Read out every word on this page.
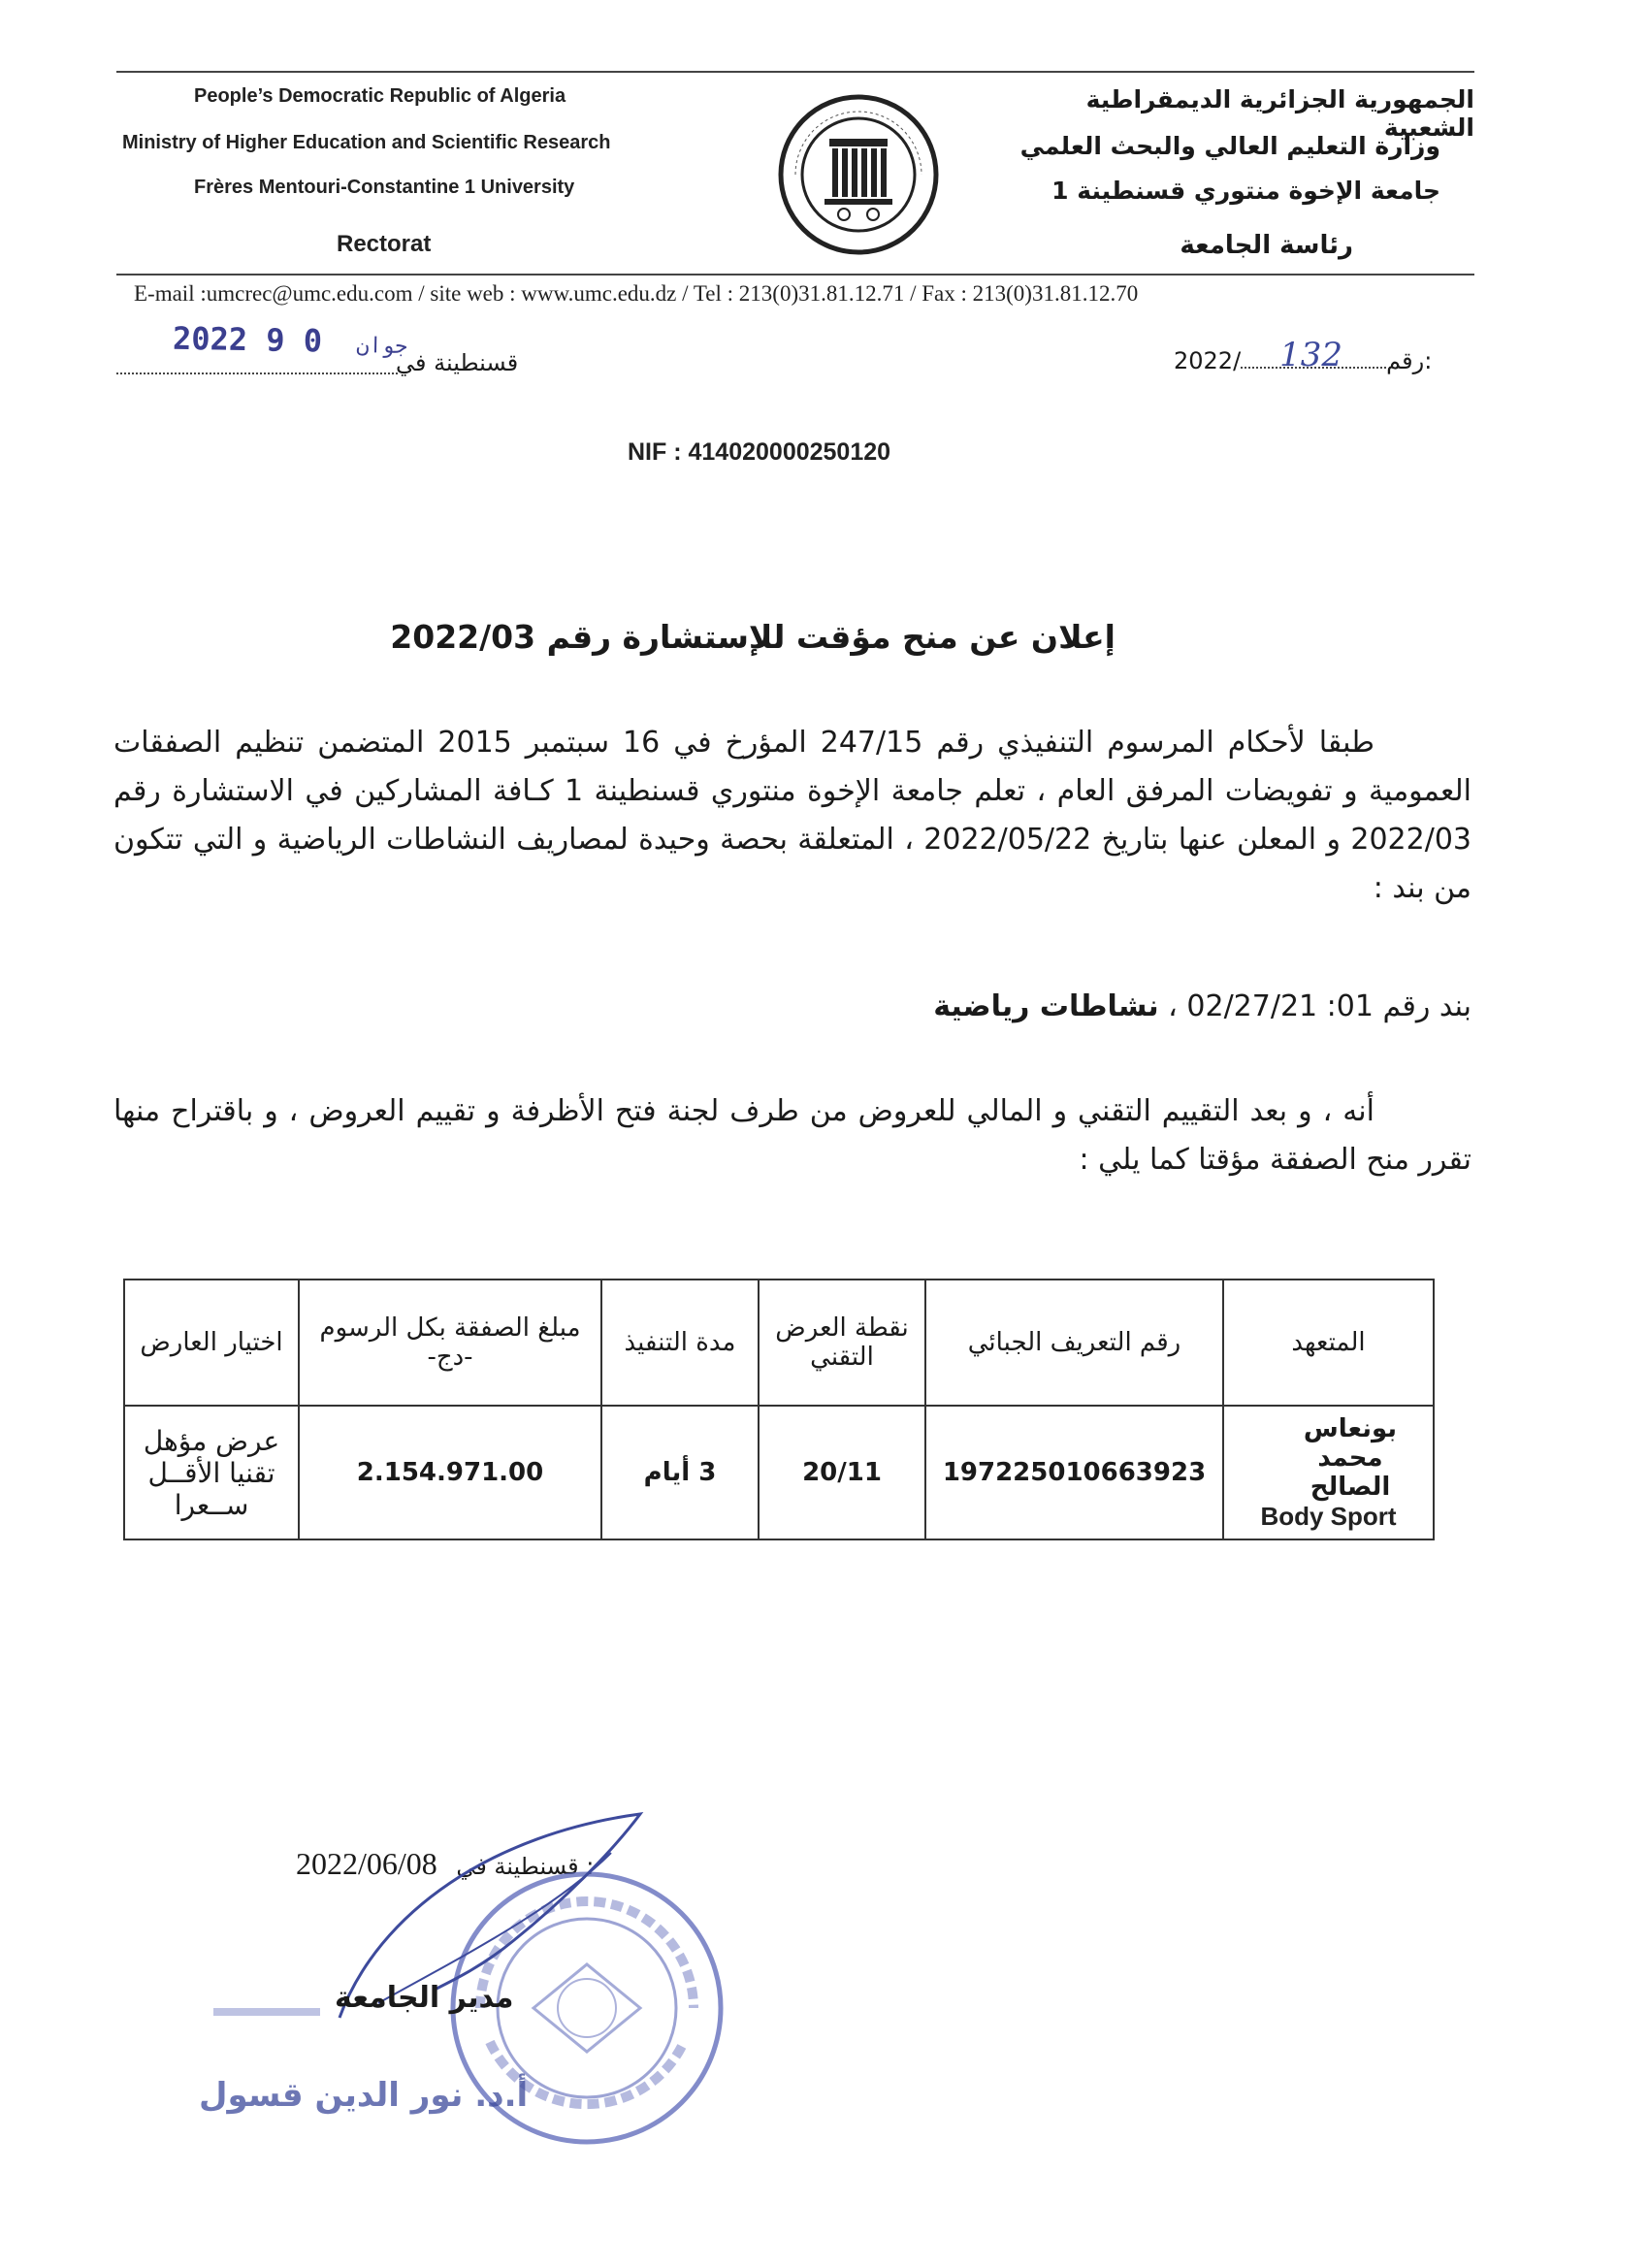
People’s Democratic Republic of Algeria
Ministry of Higher Education and Scientific Research
Frères Mentouri-Constantine 1 University
Rectorat
الجمهورية الجزائرية الديمقراطية الشعبية
وزارة التعليم العالي والبحث العلمي
جامعة الإخوة منتوري قسنطينة 1
رئاسة الجامعة
E-mail :umcrec@umc.edu.com / site web : www.umc.edu.dz / Tel : 213(0)31.81.12.71 / Fax : 213(0)31.81.12.70
2022	جوان 0 9
قسنطينة في	2022/ 132 رقم:
NIF : 414020000250120
إعلان عن منح مؤقت للإستشارة رقم 2022/03
طبقا لأحكام المرسوم التنفيذي رقم 247/15 المؤرخ في 16 سبتمبر 2015 المتضمن تنظيم الصفقات العمومية و تفويضات المرفق العام ، تعلم جامعة الإخوة منتوري قسنطينة 1 كـافة المشاركين في الاستشارة رقم 2022/03 و المعلن عنها بتاريخ 2022/05/22 ، المتعلقة بحصة وحيدة لمصاريف النشاطات الرياضية و التي تتكون من بند :
بند رقم 01: 02/27/21 ، نشاطات رياضية
أنه ، و بعد التقييم التقني و المالي للعروض من طرف لجنة فتح الأظرفة و تقييم العروض ، و باقتراح منها تقرر منح الصفقة مؤقتا كما يلي :
المتعهد	رقم التعريف الجبائي	نقطة العرض التقني	مدة التنفيذ	مبلغ الصفقة بكل الرسوم -دج-	اختيار العارض

بونعاس محمد الصالح
Body Sport	197225010663923	20/11	3 أيام	2.154.971.00	عرض مؤهل تقنيا الأقــل ســعرا
2022/06/08 قسنطينة في :
مدير الجامعة
أ.د. نور الدين قسول
